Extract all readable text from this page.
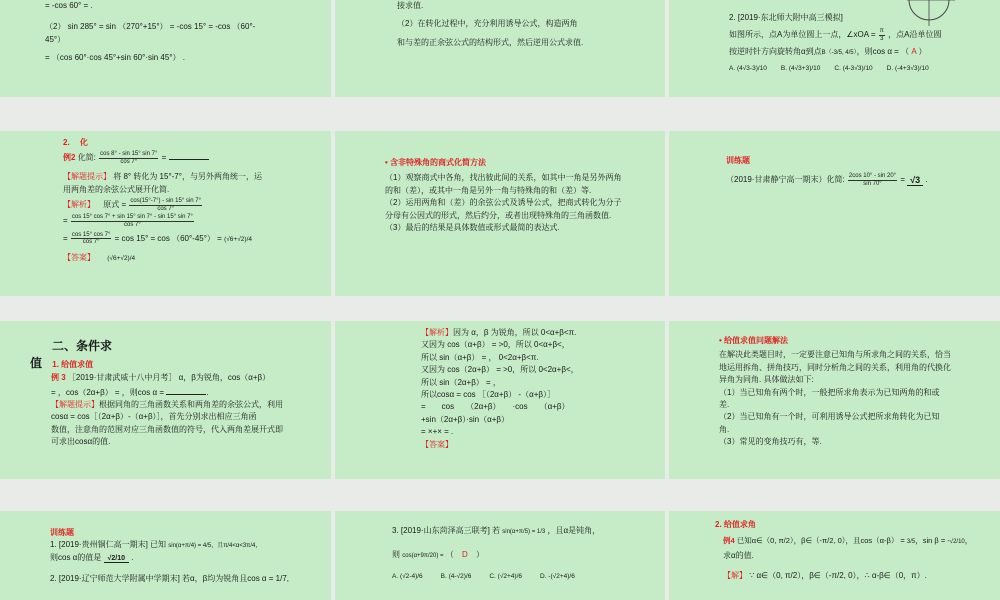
= -cos 60° = .

（2） sin 285° = sin （270°+15°） = -cos 15° = -cos （60°-

45°）

= （cos 60°·cos 45°+sin 60°·sin 45°） .

接求值.

（2）在转化过程中，充分利用诱导公式，构造两角

和与差的正余弦公式的结构形式，然后逆用公式求值.

2. [2019·东北师大附中高三模拟]

如图所示，点A为单位圆上一点，∠xOA = $\frac{\pi}{3}$ ，点A沿单位圆

按逆时针方向旋转角α到点B（-3/5, 4/5），则cos α = （ A ）

A. (4√3-3)/10 B. (4√3+3)/10 C. (4-3√3)/10 D. (-4+3√3)/10

2. 化

例2 化简: $\frac{\cos 8^\circ - \sin 15^\circ \sin 7^\circ}{\cos 7^\circ}$ =

【解题提示】 将 8° 转化为 15°-7°，与另外两角统一，运

用两角差的余弦公式展开化简.

【解析】 原式 = $\frac{\cos(15^\circ-7^\circ) - \sin 15^\circ \sin 7^\circ}{\cos 7^\circ}$

= $\frac{\cos 15^\circ \cos 7^\circ + \sin 15^\circ \sin 7^\circ - \sin 15^\circ \sin 7^\circ}{\cos 7^\circ}$

= $\frac{\cos 15^\circ \cos 7^\circ}{\cos 7^\circ} = \cos 15^\circ = \cos (60^\circ-45^\circ) = (√6+√2)/4$

【答案】 (√6+√2)/4

• 含非特殊角的商式化简方法

（1）观察商式中各角，找出彼此间的关系，如其中一角是另外两角

的和（差），或其中一角是另外一角与特殊角的和（差）等.

（2）运用两角和（差）的余弦公式及诱导公式，把商式转化为分子

分母有公因式的形式，然后约分，或者出现特殊角的三角函数值.

（3）最后的结果是具体数值或形式最简的表达式.

训练题

（2019·甘肃静宁高一期末）化简: $\frac{2\cos 10^\circ - \sin 20^\circ}{\sin 70^\circ} = √3$ .

二、条件求

值 1. 给值求值

例 3 ［2019·甘肃武威十八中月考］ α，β为锐角，cos（α+β）

= ，cos（2α+β） = ，则cos α =	.

【解题提示】根据同角的三角函数关系和两角差的余弦公式，利用

cosα = cos［（2α+β）-（α+β）］，首先分别求出相应三角函

数值，注意角的范围对应三角函数值的符号，代入两角差展开式即

可求出cosα的值.

【解析】因为 α，β 为锐角，所以 0<α+β<π.

又因为 cos（α+β） = >0，所以 0<α+β<，

所以 sin（α+β） = ， 0<2α+β<π.

又因为 cos（2α+β） = >0，所以 0<2α+β<，

所以 sin（2α+β） = ，

所以cosα = cos ［（2α+β） -（α+β）］

=　　cos　　（2α+β）　　·cos　　（α+β）

+sin（2α+β）·sin（α+β）

= ×+× = .

【答案】

• 给值求值问题解法

在解决此类题目时，一定要注意已知角与所求角之间的关系，恰当

地运用拆角、拼角技巧，同时分析角之间的关系，利用角的代换化

异角为同角. 具体做法如下:

（1）当已知角有两个时，一般把所求角表示为已知两角的和或

差.

（2）当已知角有一个时，可利用诱导公式把所求角转化为已知

角.

（3）常见的变角技巧有，等.

训练题

1. [2019·贵州铜仁高一期末] 已知 sin(α+π/4) = 4/5，且π/4<α<3π/4，

则cos α的值是 √2/10 .

2. [2019·辽宁师范大学附属中学期末] 若α，β均为锐角且cos α = 1/7,

3. [2019·山东菏泽高三联考] 若 sin(α+π/5) = 1/3 ，且α是钝角，

则 cos(α+9π/20) = （ D ）

A. (√2-4)/6	B. (4-√2)/6	C. (√2+4)/6	D. -(√2+4)/6

2. 给值求角

例4 已知α∈（0, π/2），β∈（-π/2, 0），且cos（α-β） = 3/5，sin β = -√2/10，

求α的值.

【解】 ∵ α∈（0, π/2），β∈（-π/2, 0），∴ α-β∈（0，π）.
